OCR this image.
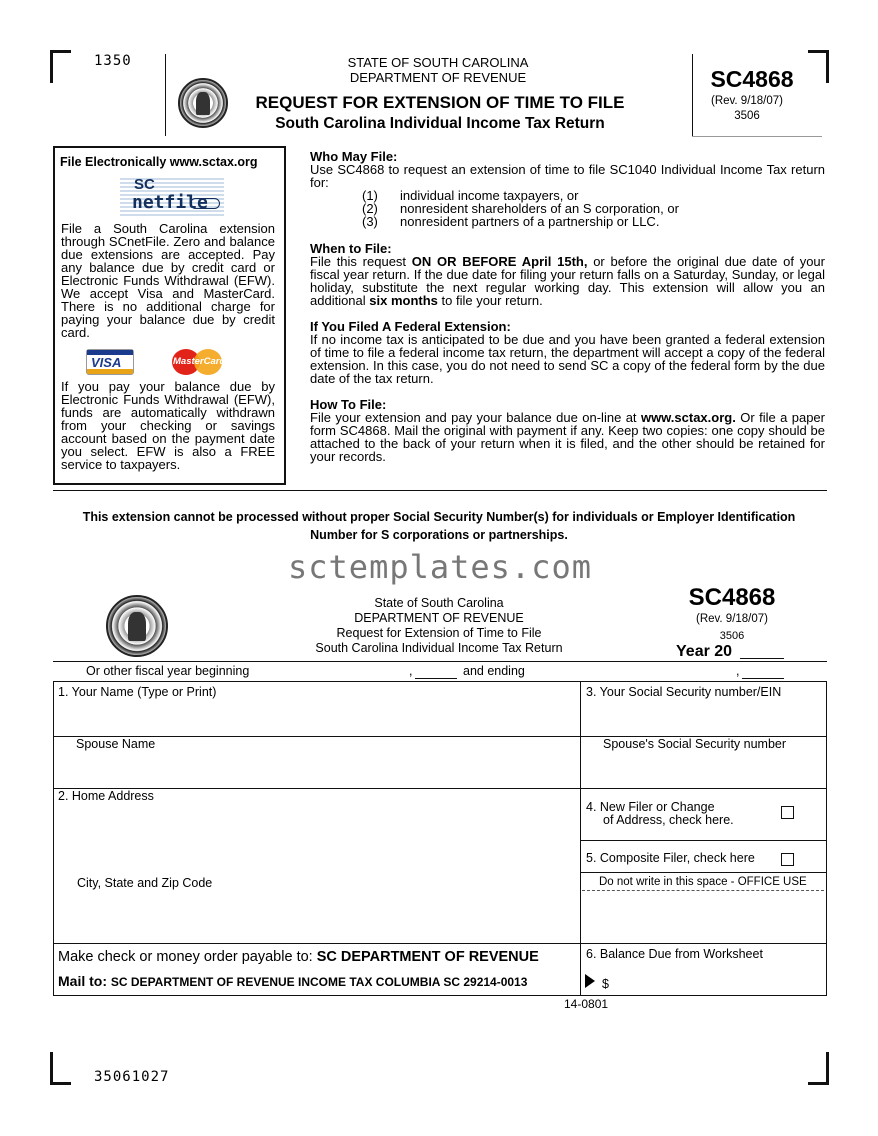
1350	STATE OF SOUTH CAROLINA
DEPARTMENT OF REVENUE
REQUEST FOR EXTENSION OF TIME TO FILE
South Carolina Individual Income Tax Return
SC4868
(Rev. 9/18/07)
3506
File Electronically www.sctax.org
SC
netfile
File a South Carolina extension through SCnetFile. Zero and balance due extensions are accepted. Pay any balance due by credit card or Electronic Funds Withdrawal (EFW). We accept Visa and MasterCard. There is no additional charge for paying your balance due by credit card.
VISA	MasterCard
If you pay your balance due by Electronic Funds Withdrawal (EFW), funds are automatically withdrawn from your checking or savings account based on the payment date you select. EFW is also a FREE service to taxpayers.
Who May File:
Use SC4868 to request an extension of time to file SC1040 Individual Income Tax return for:
(1) individual income taxpayers, or
(2) nonresident shareholders of an S corporation, or
(3) nonresident partners of a partnership or LLC.
When to File:
File this request ON OR BEFORE April 15th, or before the original due date of your fiscal year return. If the due date for filing your return falls on a Saturday, Sunday, or legal holiday, substitute the next regular working day. This extension will allow you an additional six months to file your return.
If You Filed A Federal Extension:
If no income tax is anticipated to be due and you have been granted a federal extension of time to file a federal income tax return, the department will accept a copy of the federal extension. In this case, you do not need to send SC a copy of the federal form by the due date of the tax return.
How To File:
File your extension and pay your balance due on-line at www.sctax.org. Or file a paper form SC4868. Mail the original with payment if any. Keep two copies: one copy should be attached to the back of your return when it is filed, and the other should be retained for your records.
This extension cannot be processed without proper Social Security Number(s) for individuals or Employer Identification
Number for S corporations or partnerships.
sctemplates.com
State of South Carolina
DEPARTMENT OF REVENUE
Request for Extension of Time to File
South Carolina Individual Income Tax Return
SC4868
(Rev. 9/18/07)
3506
Year 20
Or other fiscal year beginning	,	and ending	,
1. Your Name (Type or Print)	3. Your Social Security number/EIN
Spouse Name	Spouse's Social Security number
2. Home Address
4. New Filer or Change
of Address, check here.
5. Composite Filer, check here
City, State and Zip Code	Do not write in this space - OFFICE USE
Make check or money order payable to: SC DEPARTMENT OF REVENUE	6. Balance Due from Worksheet
Mail to: SC DEPARTMENT OF REVENUE INCOME TAX COLUMBIA SC 29214-0013	$
14-0801
35061027
